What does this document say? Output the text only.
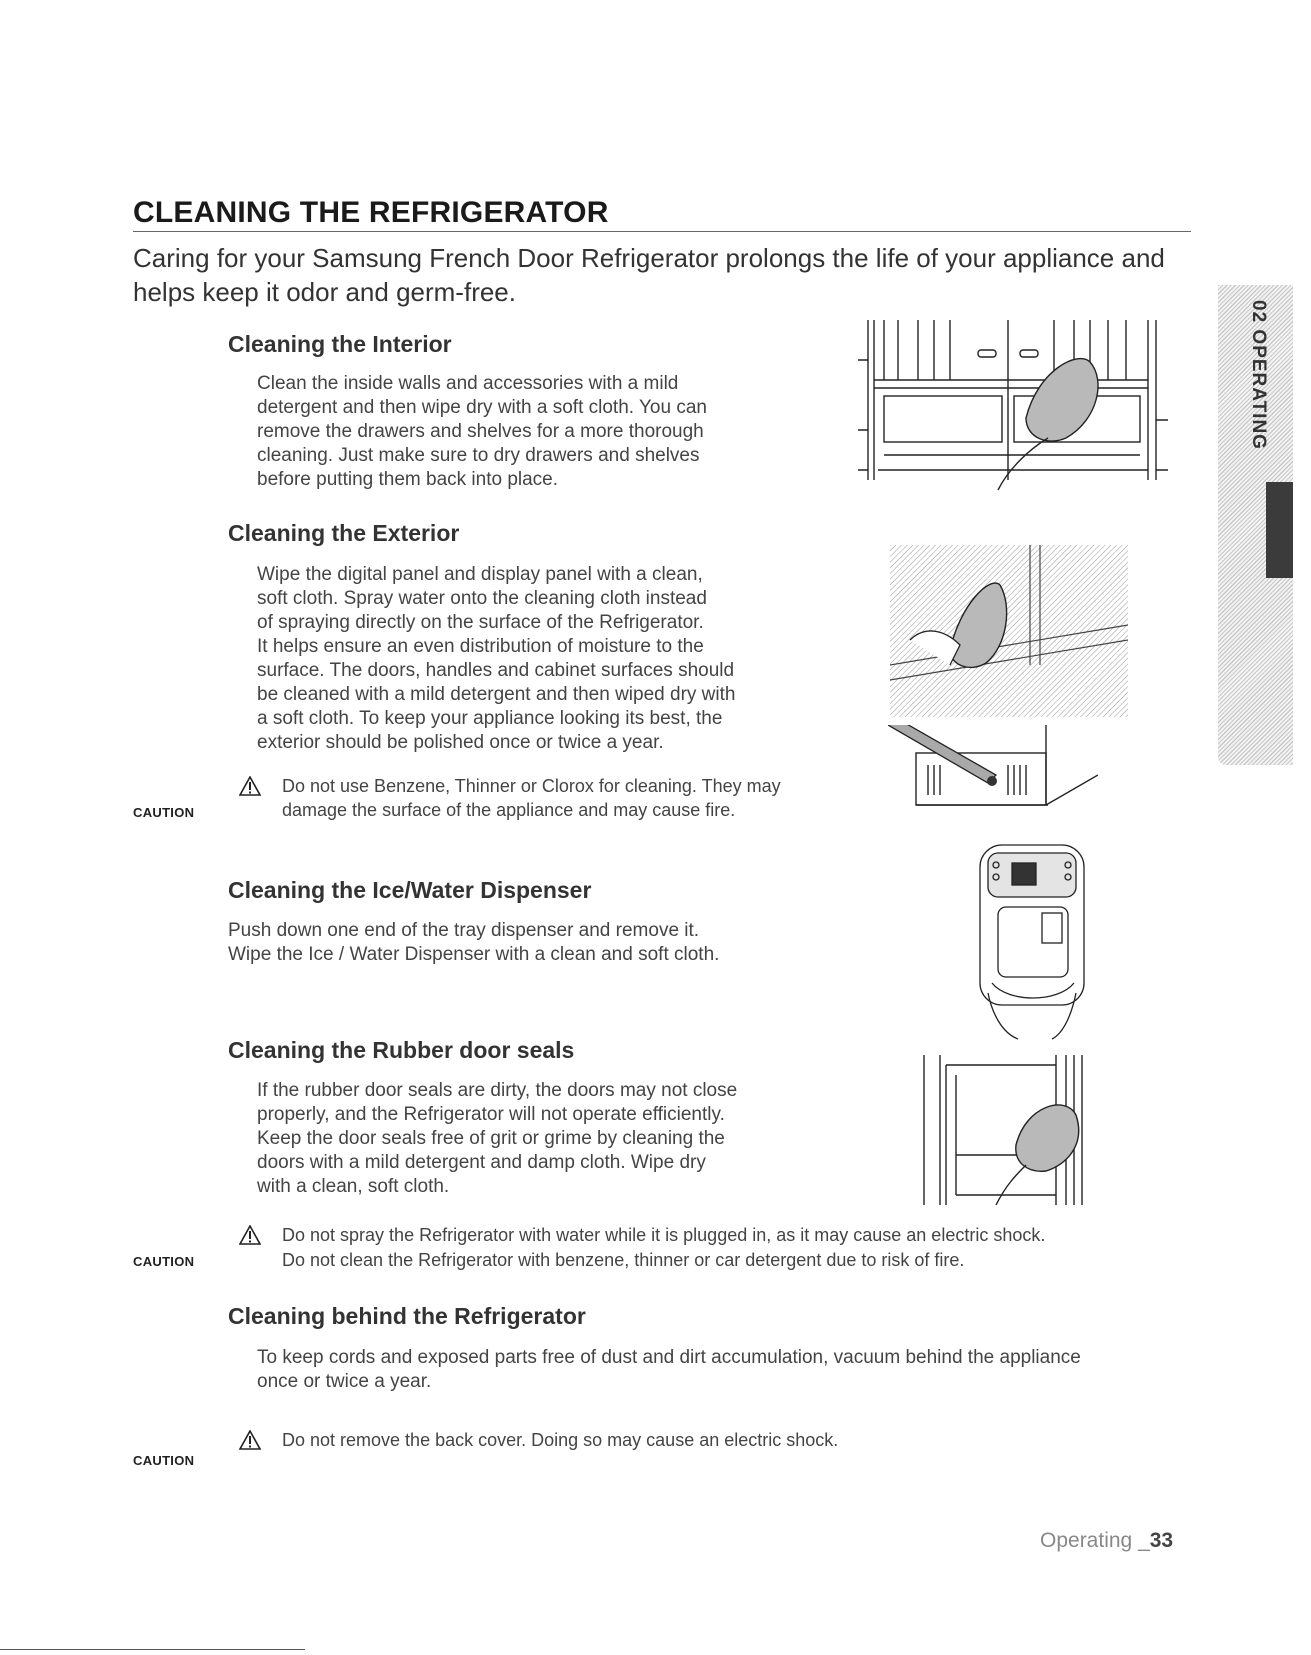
CLEANING THE REFRIGERATOR

Caring for your Samsung French Door Refrigerator prolongs the life of your appliance and helps keep it odor and germ-free.

02 OPERATING
Cleaning the Interior

Clean the inside walls and accessories with a mild

detergent and then wipe dry with a soft cloth. You can

remove the drawers and shelves for a more thorough

cleaning. Just make sure to dry drawers and shelves

before putting them back into place.

Cleaning the Exterior

Wipe the digital panel and display panel with a clean,

soft cloth. Spray water onto the cleaning cloth instead

of spraying directly on the surface of the Refrigerator.

It helps ensure an even distribution of moisture to the

surface. The doors, handles and cabinet surfaces should

be cleaned with a mild detergent and then wiped dry with

a soft cloth. To keep your appliance looking its best, the

exterior should be polished once or twice a year.

Do not use Benzene, Thinner or Clorox for cleaning. They may
CAUTION	damage the surface of the appliance and may cause fire.
Cleaning the Ice/Water Dispenser

Push down one end of the tray dispenser and remove it.

Wipe the Ice / Water Dispenser with a clean and soft cloth.

Cleaning the Rubber door seals

If the rubber door seals are dirty, the doors may not close

properly, and the Refrigerator will not operate efficiently.

Keep the door seals free of grit or grime by cleaning the

doors with a mild detergent and damp cloth. Wipe dry

with a clean, soft cloth.

Do not spray the Refrigerator with water while it is plugged in, as it may cause an electric shock.
CAUTION	Do not clean the Refrigerator with benzene, thinner or car detergent due to risk of fire.
Cleaning behind the Refrigerator

To keep cords and exposed parts free of dust and dirt accumulation, vacuum behind the appliance

once or twice a year.

Do not remove the back cover. Doing so may cause an electric shock.
CAUTION
Operating _33
